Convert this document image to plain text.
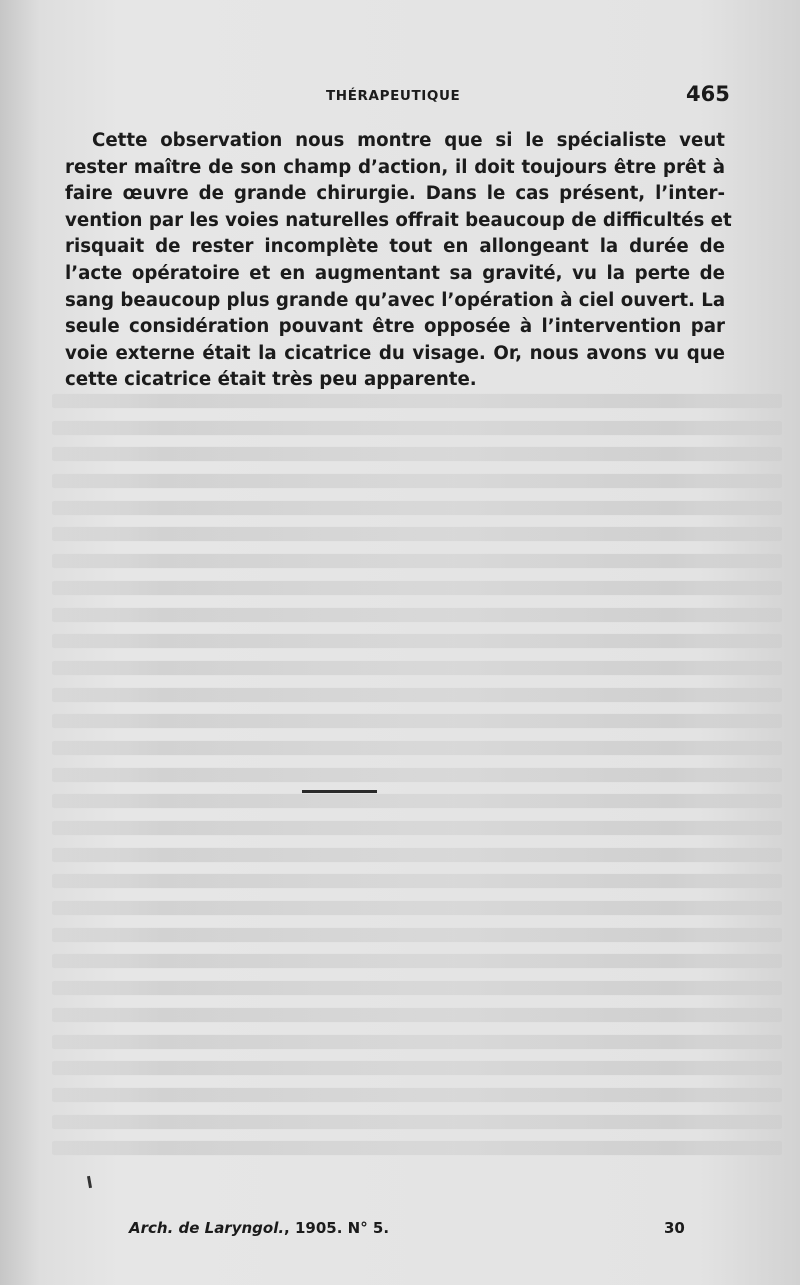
THÉRAPEUTIQUE	465
Cette observation nous montre que si le spécialiste veut
rester maître de son champ d’action, il doit toujours être prêt à
faire œuvre de grande chirurgie. Dans le cas présent, l’inter-
vention par les voies naturelles offrait beaucoup de difficultés et
risquait de rester incomplète tout en allongeant la durée de
l’acte opératoire et en augmentant sa gravité, vu la perte de
sang beaucoup plus grande qu’avec l’opération à ciel ouvert. La
seule considération pouvant être opposée à l’intervention par
voie externe était la cicatrice du visage. Or, nous avons vu que
cette cicatrice était très peu apparente.
Arch. de Laryngol., 1905. N° 5.	30
